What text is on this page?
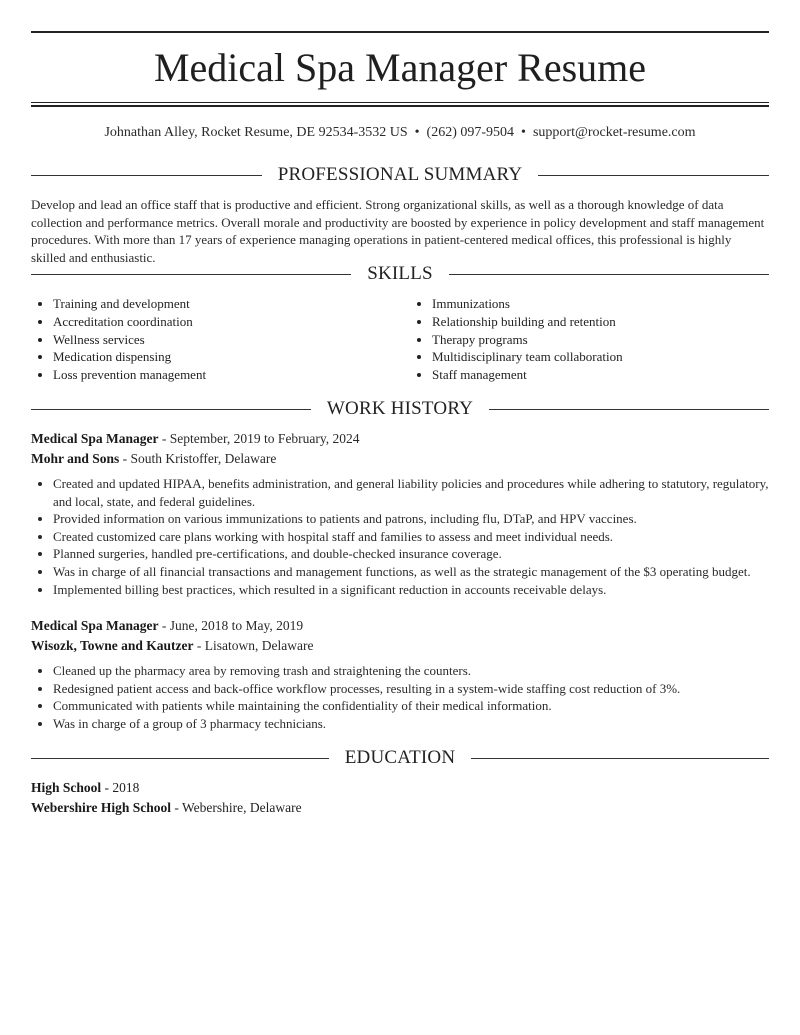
Medical Spa Manager Resume
Johnathan Alley, Rocket Resume, DE 92534-3532 US • (262) 097-9504 • support@rocket-resume.com
PROFESSIONAL SUMMARY

Develop and lead an office staff that is productive and efficient. Strong organizational skills, as well as a thorough knowledge of data collection and performance metrics. Overall morale and productivity are boosted by experience in policy development and staff management procedures. With more than 17 years of experience managing operations in patient-centered medical offices, this professional is highly skilled and enthusiastic.

SKILLS
• Training and development
• Accreditation coordination
• Wellness services
• Medication dispensing
• Loss prevention management
• Immunizations
• Relationship building and retention
• Therapy programs
• Multidisciplinary team collaboration
• Staff management
WORK HISTORY
Medical Spa Manager - September, 2019 to February, 2024
Mohr and Sons - South Kristoffer, Delaware
• Created and updated HIPAA, benefits administration, and general liability policies and procedures while adhering to statutory, regulatory, and local, state, and federal guidelines.
• Provided information on various immunizations to patients and patrons, including flu, DTaP, and HPV vaccines.
• Created customized care plans working with hospital staff and families to assess and meet individual needs.
• Planned surgeries, handled pre-certifications, and double-checked insurance coverage.
• Was in charge of all financial transactions and management functions, as well as the strategic management of the $3 operating budget.
• Implemented billing best practices, which resulted in a significant reduction in accounts receivable delays.
Medical Spa Manager - June, 2018 to May, 2019
Wisozk, Towne and Kautzer - Lisatown, Delaware
• Cleaned up the pharmacy area by removing trash and straightening the counters.
• Redesigned patient access and back-office workflow processes, resulting in a system-wide staffing cost reduction of 3%.
• Communicated with patients while maintaining the confidentiality of their medical information.
• Was in charge of a group of 3 pharmacy technicians.
EDUCATION
High School - 2018
Webershire High School - Webershire, Delaware
